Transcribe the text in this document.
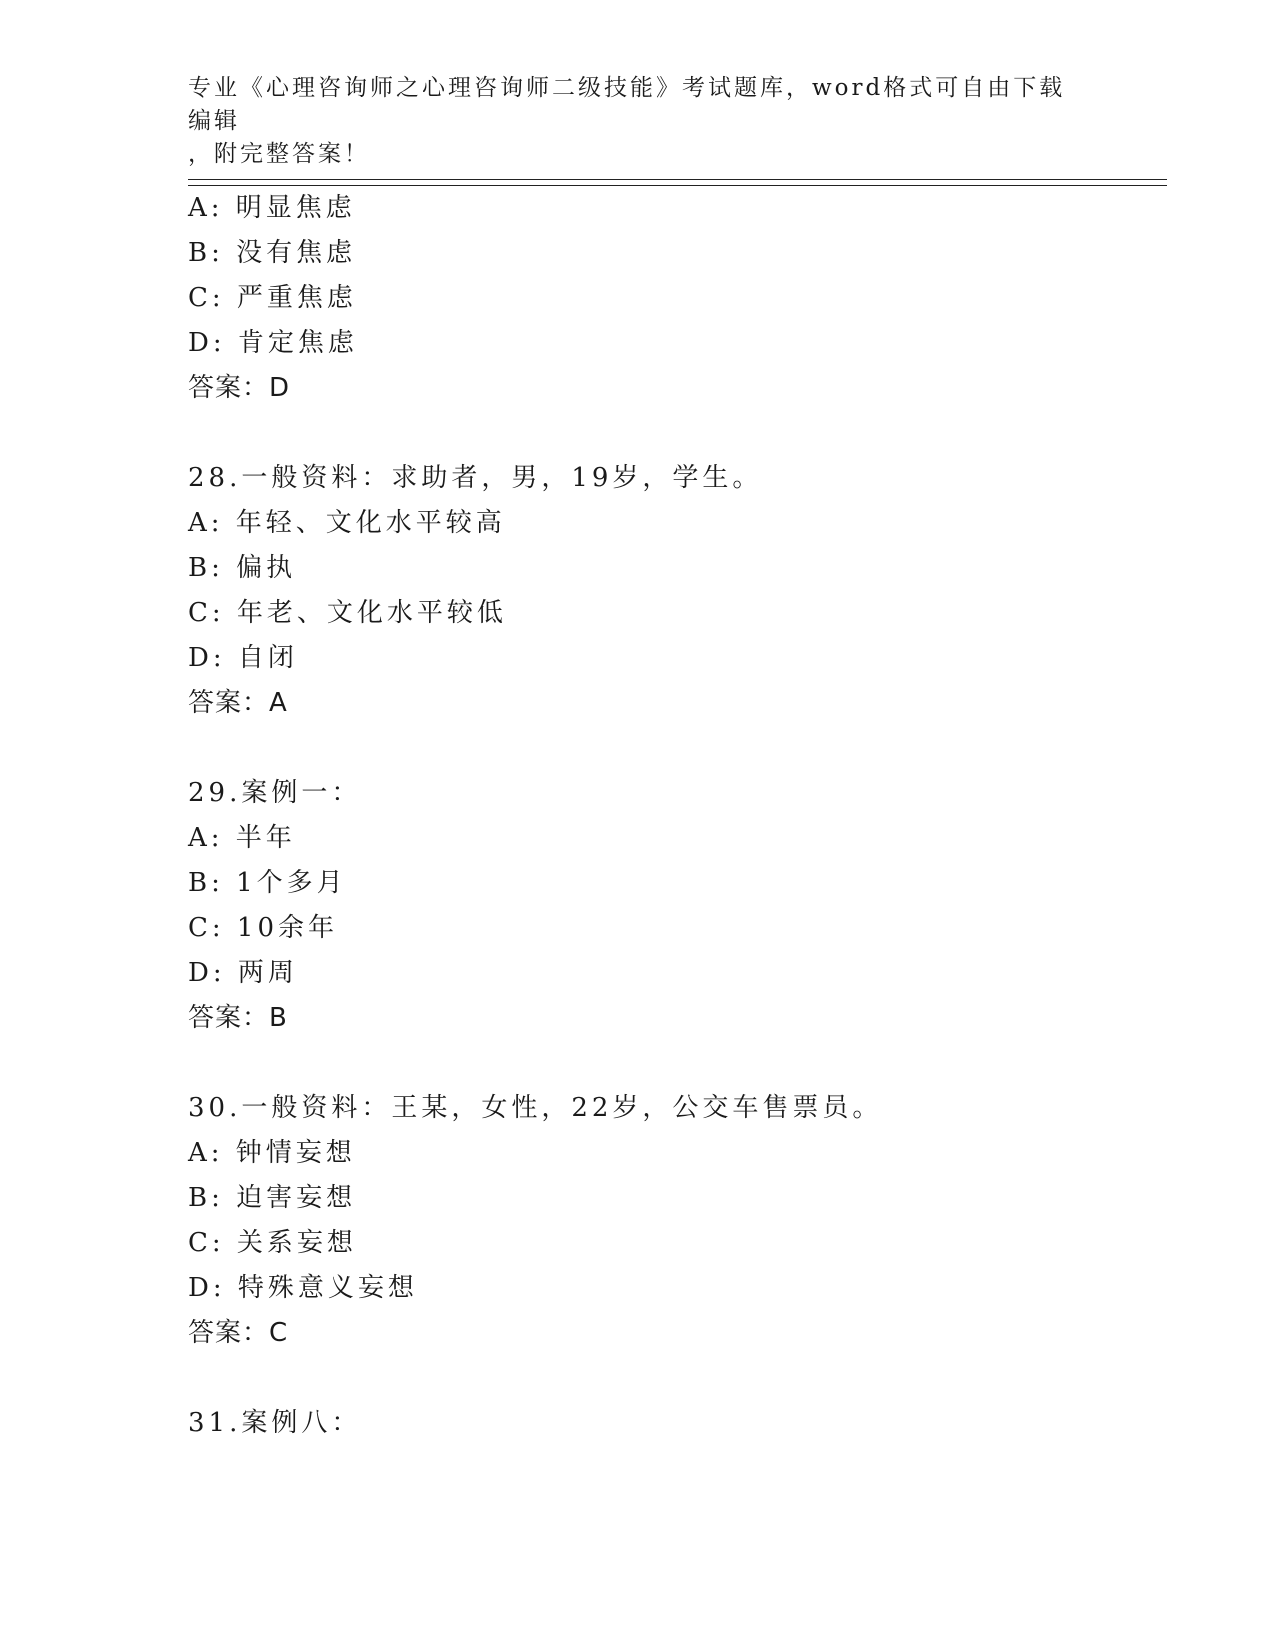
专业《心理咨询师之心理咨询师二级技能》考试题库，word格式可自由下载编辑
，附完整答案！
A: 明显焦虑
B: 没有焦虑
C: 严重焦虑
D: 肯定焦虑
答案：D
28.一般资料：求助者，男，19岁，学生。
A: 年轻、文化水平较高
B: 偏执
C: 年老、文化水平较低
D: 自闭
答案：A
29.案例一：
A: 半年
B: 1个多月
C: 10余年
D: 两周
答案：B
30.一般资料：王某，女性，22岁，公交车售票员。
A: 钟情妄想
B: 迫害妄想
C: 关系妄想
D: 特殊意义妄想
答案：C
31.案例八：
